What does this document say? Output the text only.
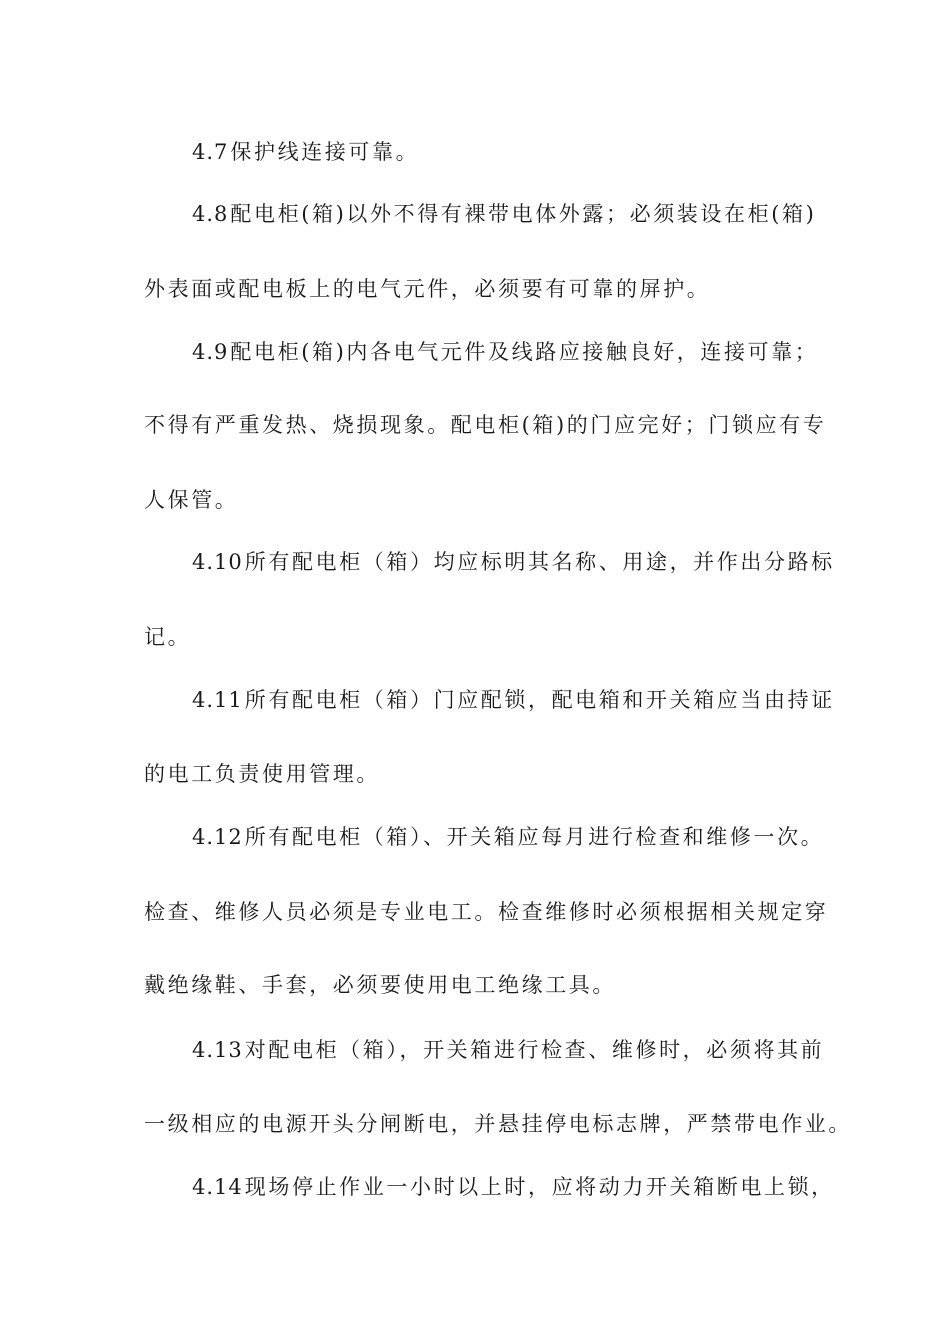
4.7保护线连接可靠。
4.8配电柜(箱)以外不得有裸带电体外露；必须装设在柜(箱)
外表面或配电板上的电气元件，必须要有可靠的屏护。
4.9配电柜(箱)内各电气元件及线路应接触良好，连接可靠；
不得有严重发热、烧损现象。配电柜(箱)的门应完好；门锁应有专
人保管。
4.10所有配电柜（箱）均应标明其名称、用途，并作出分路标
记。
4.11所有配电柜（箱）门应配锁，配电箱和开关箱应当由持证
的电工负责使用管理。
4.12所有配电柜（箱）、开关箱应每月进行检查和维修一次。
检查、维修人员必须是专业电工。检查维修时必须根据相关规定穿
戴绝缘鞋、手套，必须要使用电工绝缘工具。
4.13对配电柜（箱），开关箱进行检查、维修时，必须将其前
一级相应的电源开头分闸断电，并悬挂停电标志牌，严禁带电作业。
4.14现场停止作业一小时以上时，应将动力开关箱断电上锁，
